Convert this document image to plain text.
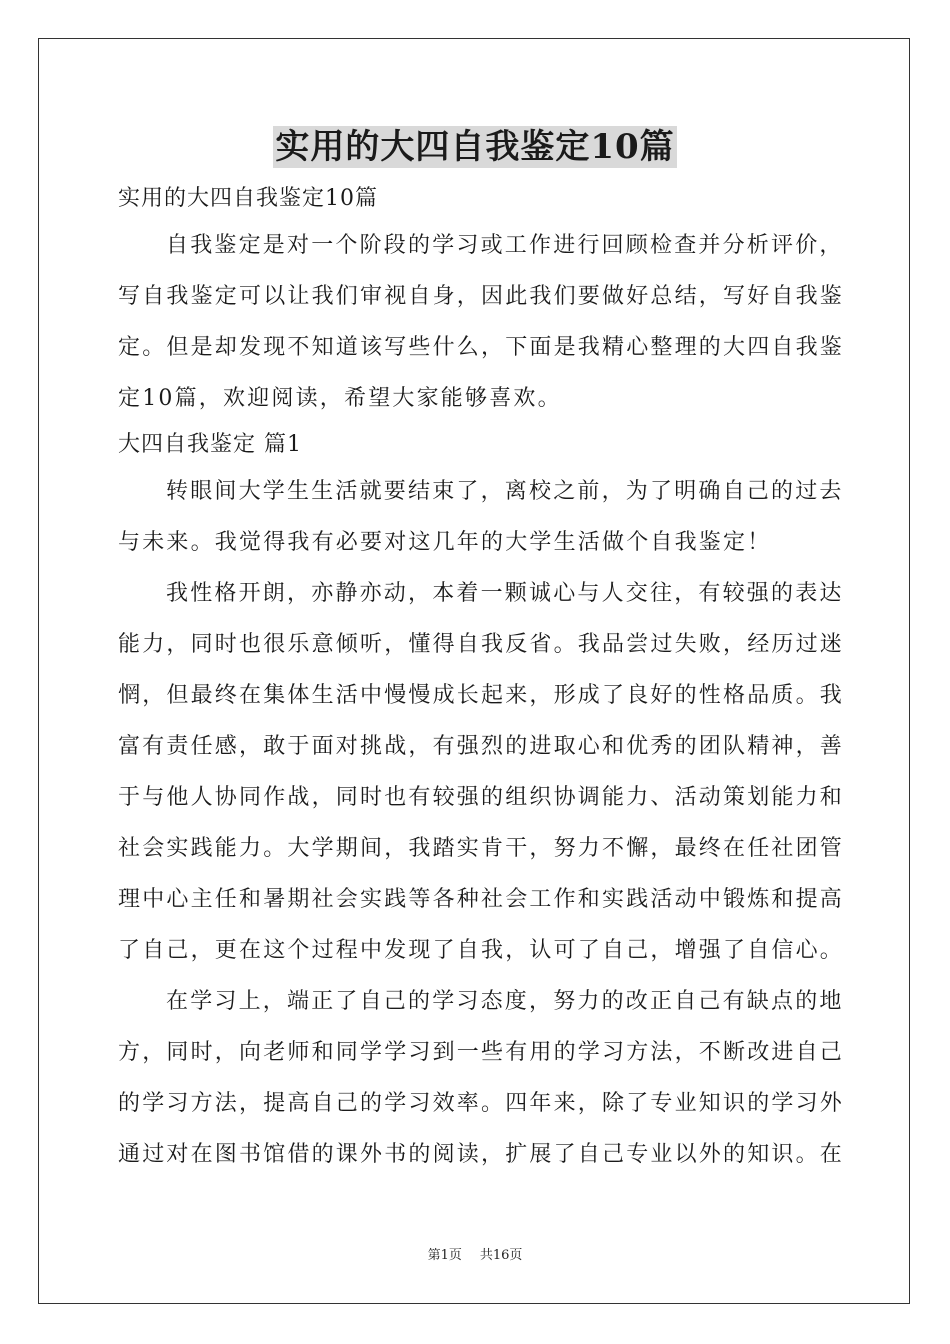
实用的大四自我鉴定10篇

实用的大四自我鉴定10篇

自我鉴定是对一个阶段的学习或工作进行回顾检查并分析评价，

写自我鉴定可以让我们审视自身，因此我们要做好总结，写好自我鉴

定。但是却发现不知道该写些什么，下面是我精心整理的大四自我鉴

定10篇，欢迎阅读，希望大家能够喜欢。

大四自我鉴定 篇1

转眼间大学生生活就要结束了，离校之前，为了明确自己的过去

与未来。我觉得我有必要对这几年的大学生活做个自我鉴定！

我性格开朗，亦静亦动，本着一颗诚心与人交往，有较强的表达

能力，同时也很乐意倾听，懂得自我反省。我品尝过失败，经历过迷

惘，但最终在集体生活中慢慢成长起来，形成了良好的性格品质。我

富有责任感，敢于面对挑战，有强烈的进取心和优秀的团队精神，善

于与他人协同作战，同时也有较强的组织协调能力、活动策划能力和

社会实践能力。大学期间，我踏实肯干，努力不懈，最终在任社团管

理中心主任和暑期社会实践等各种社会工作和实践活动中锻炼和提高

了自己，更在这个过程中发现了自我，认可了自己，增强了自信心。

在学习上，端正了自己的学习态度，努力的改正自己有缺点的地

方，同时，向老师和同学学习到一些有用的学习方法，不断改进自己

的学习方法，提高自己的学习效率。四年来，除了专业知识的学习外

通过对在图书馆借的课外书的阅读，扩展了自己专业以外的知识。在

第1页 共16页
